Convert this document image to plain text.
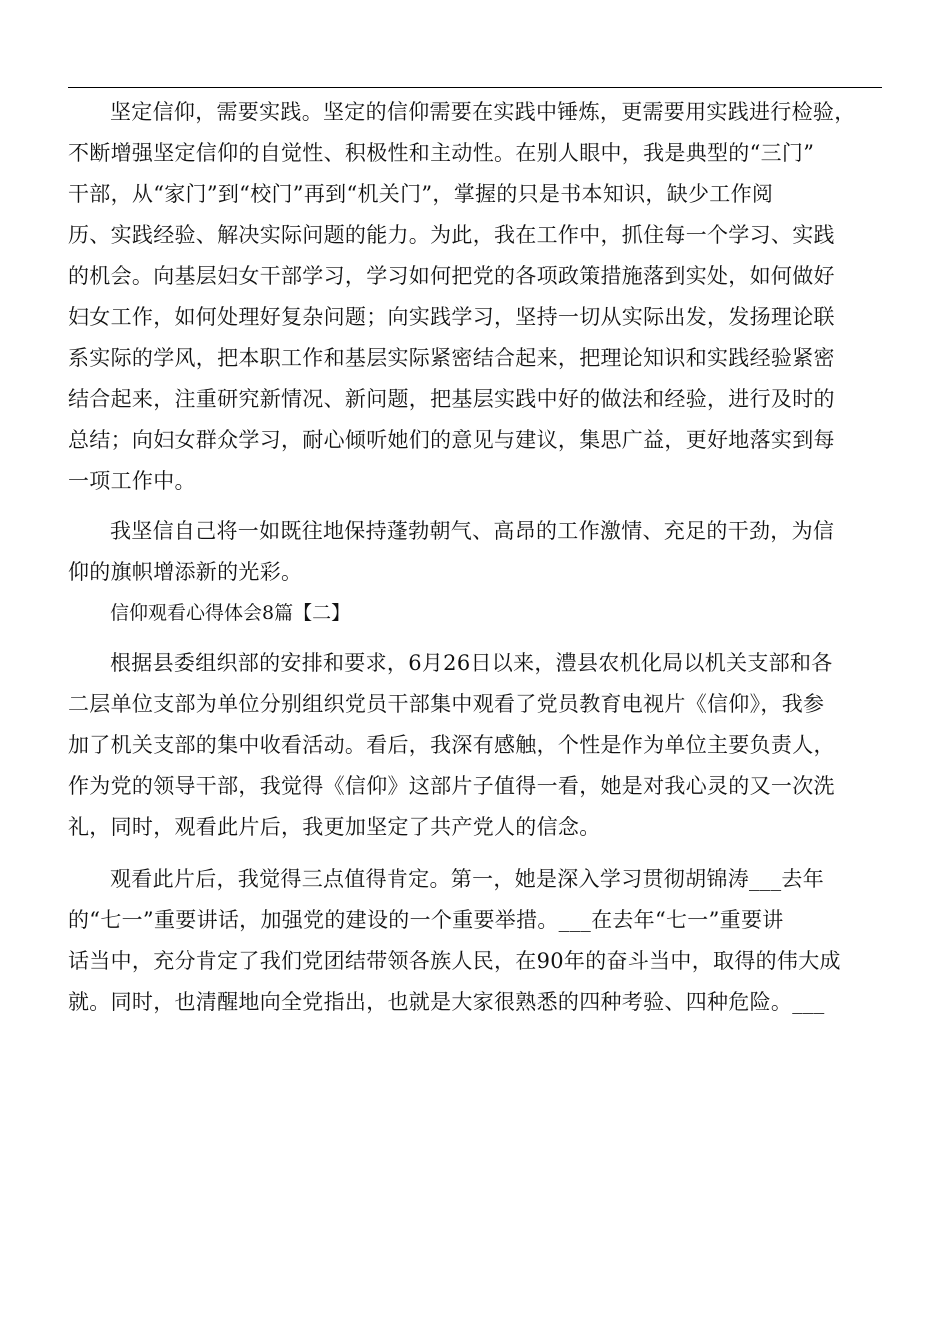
坚定信仰，需要实践。坚定的信仰需要在实践中锤炼，更需要用实践进行检验，
不断增强坚定信仰的自觉性、积极性和主动性。在别人眼中，我是典型的“三门”
干部，从“家门”到“校门”再到“机关门”，掌握的只是书本知识，缺少工作阅
历、实践经验、解决实际问题的能力。为此，我在工作中，抓住每一个学习、实践
的机会。向基层妇女干部学习，学习如何把党的各项政策措施落到实处，如何做好
妇女工作，如何处理好复杂问题；向实践学习，坚持一切从实际出发，发扬理论联
系实际的学风，把本职工作和基层实际紧密结合起来，把理论知识和实践经验紧密
结合起来，注重研究新情况、新问题，把基层实践中好的做法和经验，进行及时的
总结；向妇女群众学习，耐心倾听她们的意见与建议，集思广益，更好地落实到每
一项工作中。

我坚信自己将一如既往地保持蓬勃朝气、高昂的工作激情、充足的干劲，为信
仰的旗帜增添新的光彩。

信仰观看心得体会8篇【二】

根据县委组织部的安排和要求，6月26日以来，澧县农机化局以机关支部和各
二层单位支部为单位分别组织党员干部集中观看了党员教育电视片《信仰》，我参
加了机关支部的集中收看活动。看后，我深有感触，个性是作为单位主要负责人，
作为党的领导干部，我觉得《信仰》这部片子值得一看，她是对我心灵的又一次洗
礼，同时，观看此片后，我更加坚定了共产党人的信念。

观看此片后，我觉得三点值得肯定。第一，她是深入学习贯彻胡锦涛___去年
的“七一”重要讲话，加强党的建设的一个重要举措。___在去年“七一”重要讲
话当中，充分肯定了我们党团结带领各族人民，在90年的奋斗当中，取得的伟大成
就。同时，也清醒地向全党指出，也就是大家很熟悉的四种考验、四种危险。___
